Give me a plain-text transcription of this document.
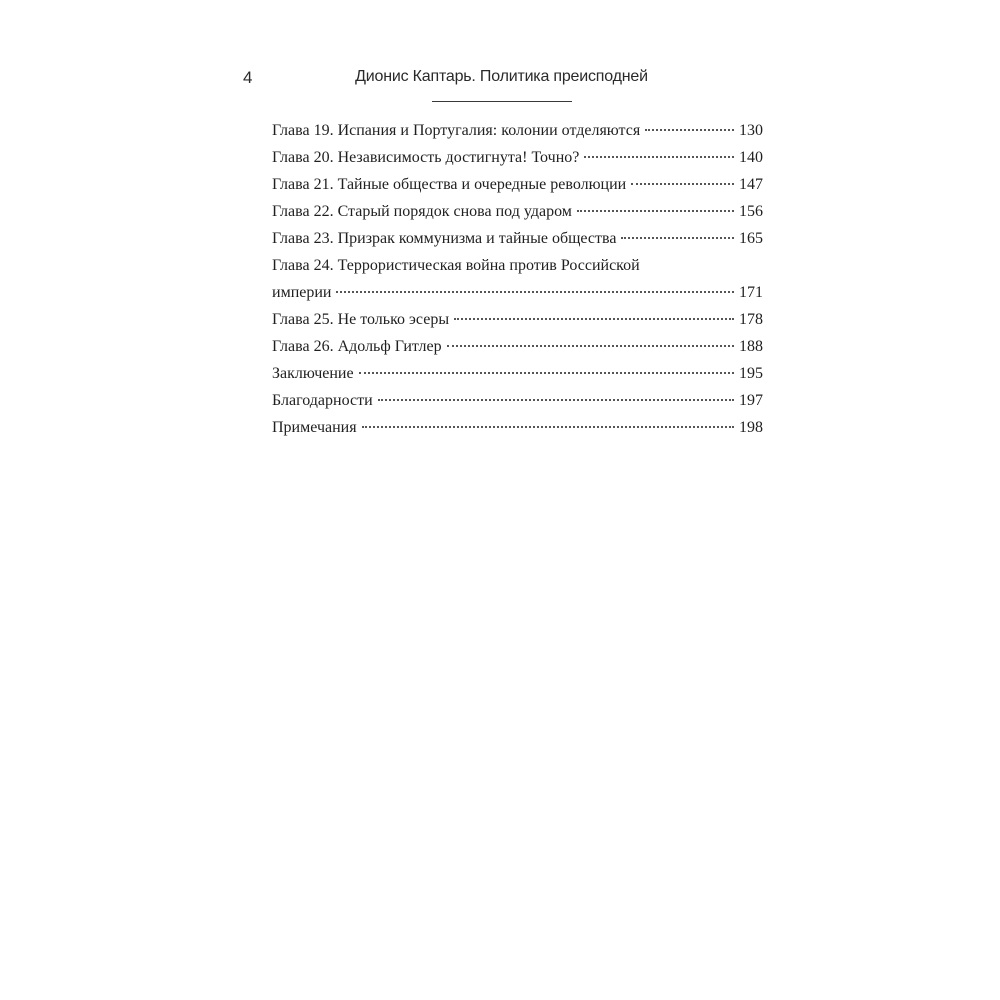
4	Дионис Каптарь. Политика преисподней
Глава 19. Испания и Португалия: колонии отделяются	130
Глава 20. Независимость достигнута! Точно?	140
Глава 21. Тайные общества и очередные революции	147
Глава 22. Старый порядок снова под ударом	156
Глава 23. Призрак коммунизма и тайные общества	165
Глава 24. Террористическая война против Российской
империи	171
Глава 25. Не только эсеры	178
Глава 26. Адольф Гитлер	188
Заключение	195
Благодарности	197
Примечания	198
